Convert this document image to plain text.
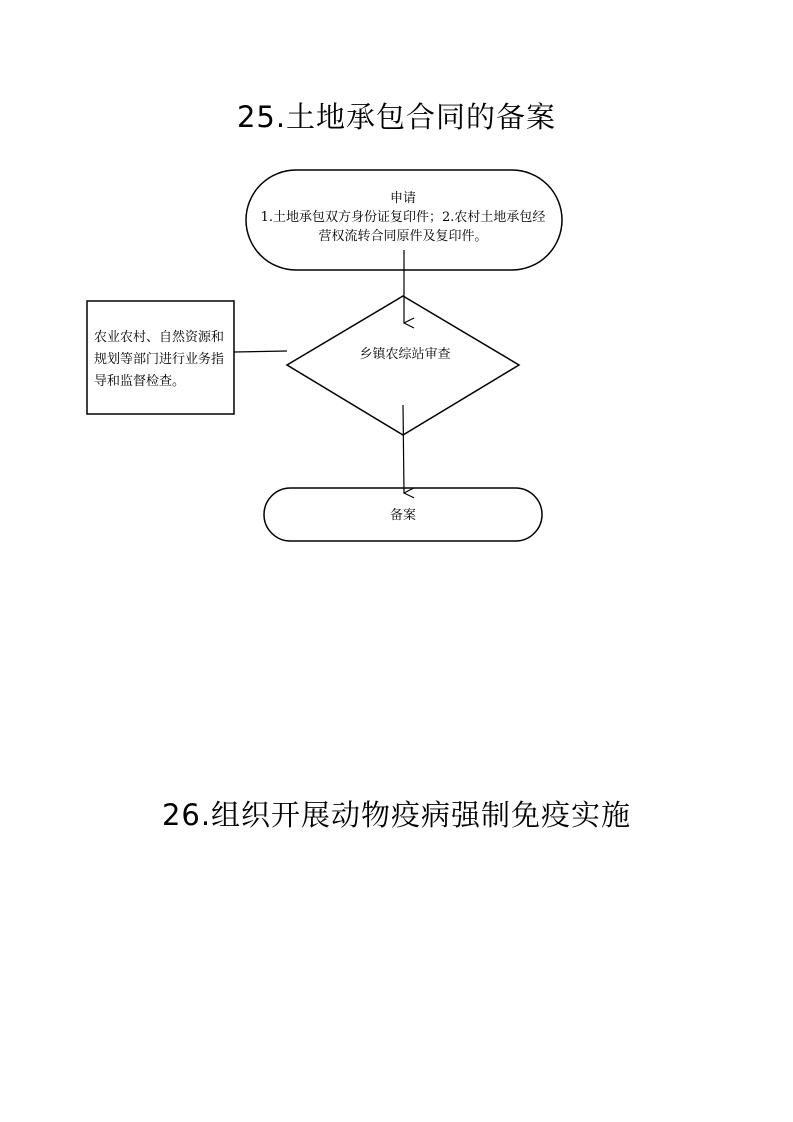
25.土地承包合同的备案
申请
1.土地承包双方身份证复印件；2.农村土地承包经营权流转合同原件及复印件。
乡镇农综站审查
农业农村、自然资源和规划等部门进行业务指导和监督检查。
备案
26.组织开展动物疫病强制免疫实施
